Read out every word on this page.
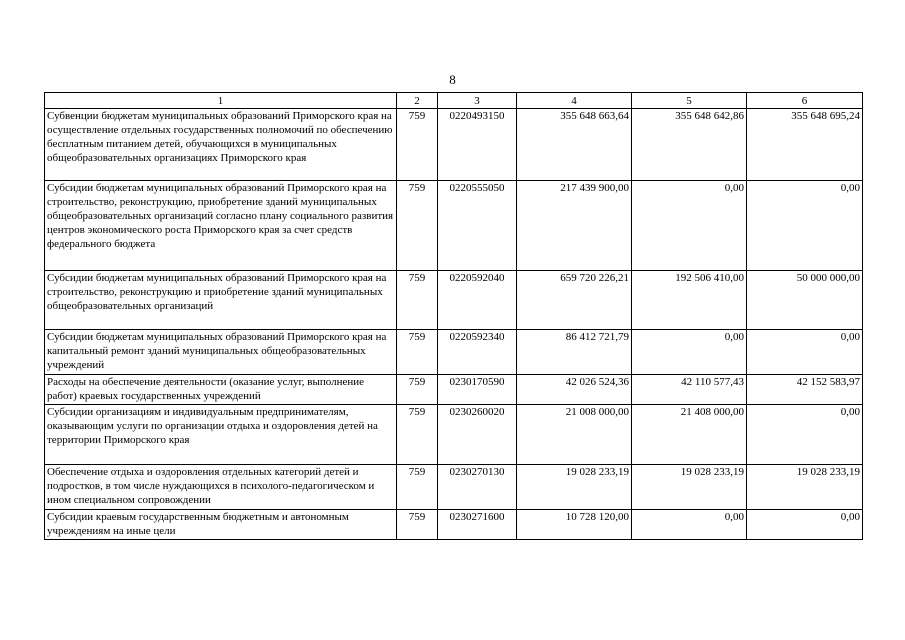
8
1	2	3	4	5	6
Субвенции бюджетам муниципальных образований Приморского края на осуществление отдельных государственных полномочий по обеспечению бесплатным питанием детей, обучающихся в муниципальных общеобразовательных организациях Приморского края	759	0220493150	355 648 663,64	355 648 642,86	355 648 695,24
Субсидии бюджетам муниципальных образований Приморского края на строительство, реконструкцию, приобретение зданий муниципальных общеобразовательных организаций согласно плану социального развития центров экономического роста Приморского края за счет средств федерального бюджета	759	0220555050	217 439 900,00	0,00	0,00
Субсидии бюджетам муниципальных образований Приморского края на строительство, реконструкцию и приобретение зданий муниципальных общеобразовательных организаций	759	0220592040	659 720 226,21	192 506 410,00	50 000 000,00
Субсидии бюджетам муниципальных образований Приморского края на капитальный ремонт зданий муниципальных общеобразовательных учреждений	759	0220592340	86 412 721,79	0,00	0,00
Расходы на обеспечение деятельности (оказание услуг, выполнение работ) краевых государственных учреждений	759	0230170590	42 026 524,36	42 110 577,43	42 152 583,97
Субсидии организациям и индивидуальным предпринимателям, оказывающим услуги по организации отдыха и оздоровления детей на территории Приморского края	759	0230260020	21 008 000,00	21 408 000,00	0,00
Обеспечение отдыха и оздоровления отдельных категорий детей и подростков, в том числе нуждающихся в психолого-педагогическом и ином специальном сопровождении	759	0230270130	19 028 233,19	19 028 233,19	19 028 233,19
Субсидии краевым государственным бюджетным и автономным учреждениям на иные цели	759	0230271600	10 728 120,00	0,00	0,00
